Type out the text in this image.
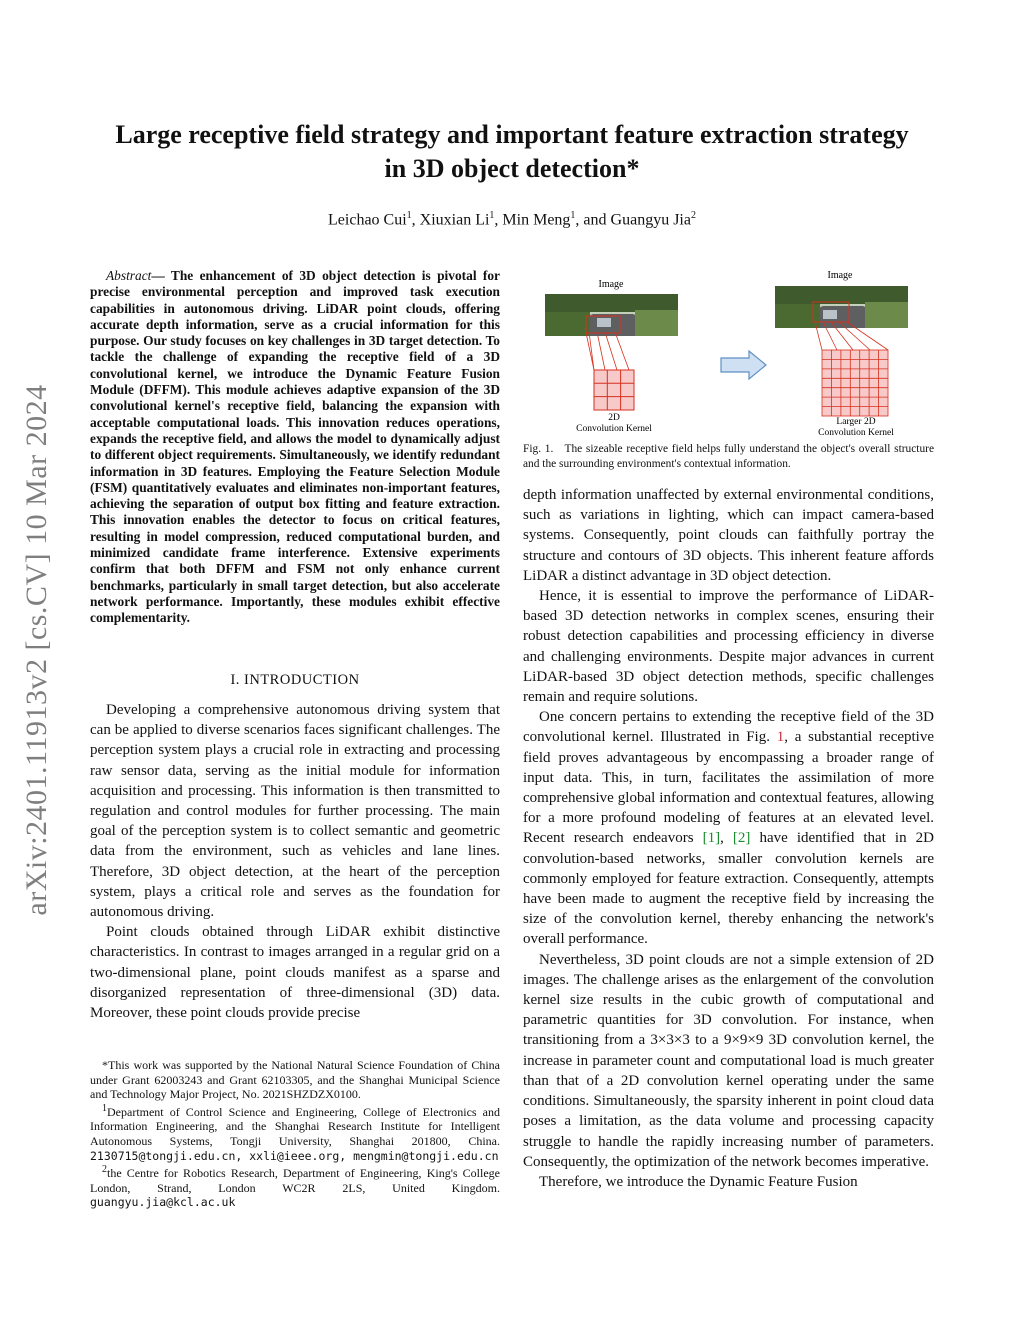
Large receptive field strategy and important feature extraction strategy
in 3D object detection*
Leichao Cui$^1$, Xiuxian Li$^1$, Min Meng$^1$, and Guangyu Jia$^2$
arXiv:2401.11913v2 [cs.CV] 10 Mar 2024

Abstract— The enhancement of 3D object detection is pivotal for precise environmental perception and improved task execution capabilities in autonomous driving. LiDAR point clouds, offering accurate depth information, serve as a crucial information for this purpose. Our study focuses on key challenges in 3D target detection. To tackle the challenge of expanding the receptive field of a 3D convolutional kernel, we introduce the Dynamic Feature Fusion Module (DFFM). This module achieves adaptive expansion of the 3D convolutional kernel's receptive field, balancing the expansion with acceptable computational loads. This innovation reduces operations, expands the receptive field, and allows the model to dynamically adjust to different object requirements. Simultaneously, we identify redundant information in 3D features. Employing the Feature Selection Module (FSM) quantitatively evaluates and eliminates non-important features, achieving the separation of output box fitting and feature extraction. This innovation enables the detector to focus on critical features, resulting in model compression, reduced computational burden, and minimized candidate frame interference. Extensive experiments confirm that both DFFM and FSM not only enhance current benchmarks, particularly in small target detection, but also accelerate network performance. Importantly, these modules exhibit effective complementarity.

I. INTRODUCTION

Developing a comprehensive autonomous driving system that can be applied to diverse scenarios faces significant challenges. The perception system plays a crucial role in extracting and processing raw sensor data, serving as the initial module for information acquisition and processing. This information is then transmitted to regulation and control modules for further processing. The main goal of the perception system is to collect semantic and geometric data from the environment, such as vehicles and lane lines. Therefore, 3D object detection, at the heart of the perception system, plays a critical role and serves as the foundation for autonomous driving.

Point clouds obtained through LiDAR exhibit distinctive characteristics. In contrast to images arranged in a regular grid on a two-dimensional plane, point clouds manifest as a sparse and disorganized representation of three-dimensional (3D) data. Moreover, these point clouds provide precise

*This work was supported by the National Natural Science Foundation of China under Grant 62003243 and Grant 62103305, and the Shanghai Municipal Science and Technology Major Project, No. 2021SHZDZX0100.

$^1$Department of Control Science and Engineering, College of Electronics and Information Engineering, and the Shanghai Research Institute for Intelligent Autonomous Systems, Tongji University, Shanghai 201800, China. 2130715@tongji.edu.cn, xxli@ieee.org, mengmin@tongji.edu.cn

$^2$the Centre for Robotics Research, Department of Engineering, King's College London, Strand, London WC2R 2LS, United Kingdom. guangyu.jia@kcl.ac.uk

Image
2D
Convolution Kernel
Image
Larger 2D
Convolution Kernel
Fig. 1. The sizeable receptive field helps fully understand the object's overall structure and the surrounding environment's contextual information.

depth information unaffected by external environmental conditions, such as variations in lighting, which can impact camera-based systems. Consequently, point clouds can faithfully portray the structure and contours of 3D objects. This inherent feature affords LiDAR a distinct advantage in 3D object detection.

Hence, it is essential to improve the performance of LiDAR-based 3D detection networks in complex scenes, ensuring their robust detection capabilities and processing efficiency in diverse and challenging environments. Despite major advances in current LiDAR-based 3D object detection methods, specific challenges remain and require solutions.

One concern pertains to extending the receptive field of the 3D convolutional kernel. Illustrated in Fig. 1, a substantial receptive field proves advantageous by encompassing a broader range of input data. This, in turn, facilitates the assimilation of more comprehensive global information and contextual features, allowing for a more profound modeling of features at an elevated level. Recent research endeavors [1], [2] have identified that in 2D convolution-based networks, smaller convolution kernels are commonly employed for feature extraction. Consequently, attempts have been made to augment the receptive field by increasing the size of the convolution kernel, thereby enhancing the network's overall performance.

Nevertheless, 3D point clouds are not a simple extension of 2D images. The challenge arises as the enlargement of the convolution kernel size results in the cubic growth of computational and parametric quantities for 3D convolution. For instance, when transitioning from a 3×3×3 to a 9×9×9 3D convolution kernel, the increase in parameter count and computational load is much greater than that of a 2D convolution kernel operating under the same conditions. Simultaneously, the sparsity inherent in point cloud data poses a limitation, as the data volume and processing capacity struggle to handle the rapidly increasing number of parameters. Consequently, the optimization of the network becomes imperative.

Therefore, we introduce the Dynamic Feature Fusion
